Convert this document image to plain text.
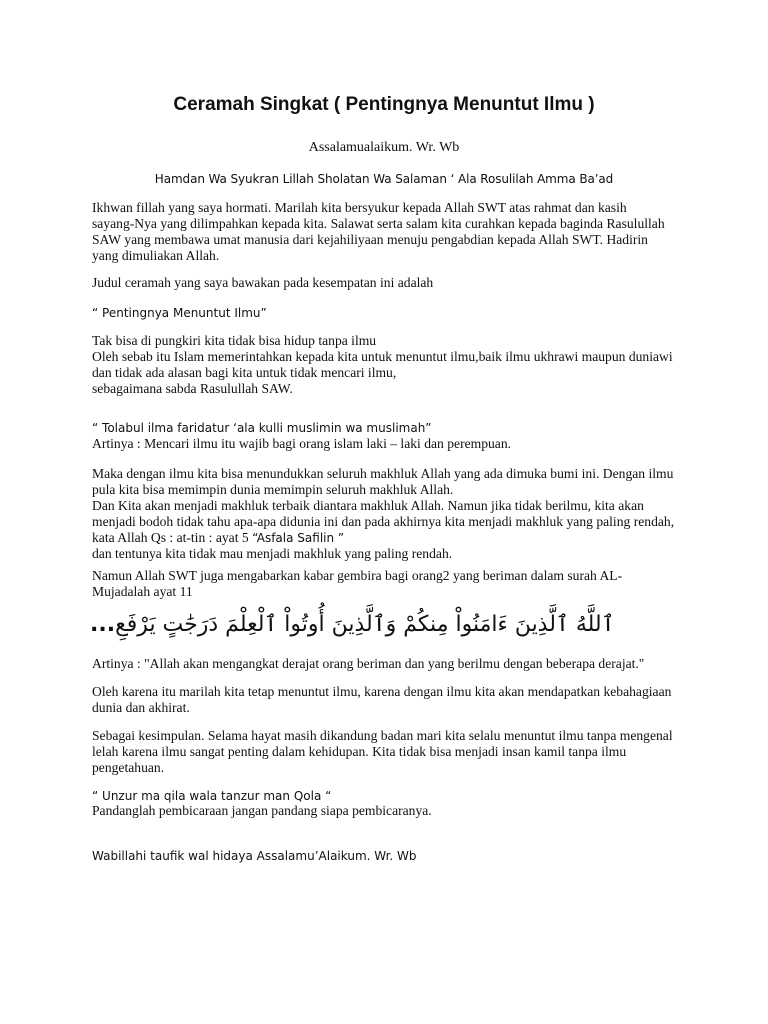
Ceramah Singkat ( Pentingnya Menuntut Ilmu )
Assalamualaikum. Wr. Wb
Hamdan Wa Syukran Lillah Sholatan Wa Salaman ‘ Ala Rosulilah Amma Ba’ad

Ikhwan fillah yang saya hormati. Marilah kita bersyukur kepada Allah SWT atas rahmat dan kasih
sayang-Nya yang dilimpahkan kepada kita. Salawat serta salam kita curahkan kepada baginda Rasulullah
SAW yang membawa umat manusia dari kejahiliyaan menuju pengabdian kepada Allah SWT. Hadirin
yang dimuliakan Allah.

Judul ceramah yang saya bawakan pada kesempatan ini adalah

“ Pentingnya Menuntut Ilmu”

Tak bisa di pungkiri kita tidak bisa hidup tanpa ilmu
Oleh sebab itu Islam memerintahkan kepada kita untuk menuntut ilmu,baik ilmu ukhrawi maupun duniawi
dan tidak ada alasan bagi kita untuk tidak mencari ilmu,
sebagaimana sabda Rasulullah SAW.

“ Tolabul ilma faridatur ‘ala kulli muslimin wa muslimah”

Artinya : Mencari ilmu itu wajib bagi orang islam laki – laki dan perempuan.

Maka dengan ilmu kita bisa menundukkan seluruh makhluk Allah yang ada dimuka bumi ini. Dengan ilmu
pula kita bisa memimpin dunia memimpin seluruh makhluk Allah.
Dan Kita akan menjadi makhluk terbaik diantara makhluk Allah. Namun jika tidak berilmu, kita akan
menjadi bodoh tidak tahu apa-apa didunia ini dan pada akhirnya kita menjadi makhluk yang paling rendah,
kata Allah Qs : at-tin : ayat 5 “Asfala Safilin ”
dan tentunya kita tidak mau menjadi makhluk yang paling rendah.

Namun Allah SWT juga mengabarkan kabar gembira bagi orang2 yang beriman dalam surah AL-
Mujadalah ayat 11

ٱللَّهُ ٱلَّذِينَ ءَامَنُواْ مِنكُمْ وَٱلَّذِينَ أُوتُواْ ٱلْعِلْمَ دَرَجَٰتٍ يَرْفَعِ...

Artinya : "Allah akan mengangkat derajat orang beriman dan yang berilmu dengan beberapa derajat."

Oleh karena itu marilah kita tetap menuntut ilmu, karena dengan ilmu kita akan mendapatkan kebahagiaan
dunia dan akhirat.

Sebagai kesimpulan. Selama hayat masih dikandung badan mari kita selalu menuntut ilmu tanpa mengenal
lelah karena ilmu sangat penting dalam kehidupan. Kita tidak bisa menjadi insan kamil tanpa ilmu
pengetahuan.

“ Unzur ma qila wala tanzur man Qola “

Pandanglah pembicaraan jangan pandang siapa pembicaranya.

Wabillahi taufik wal hidaya Assalamu’Alaikum. Wr. Wb
